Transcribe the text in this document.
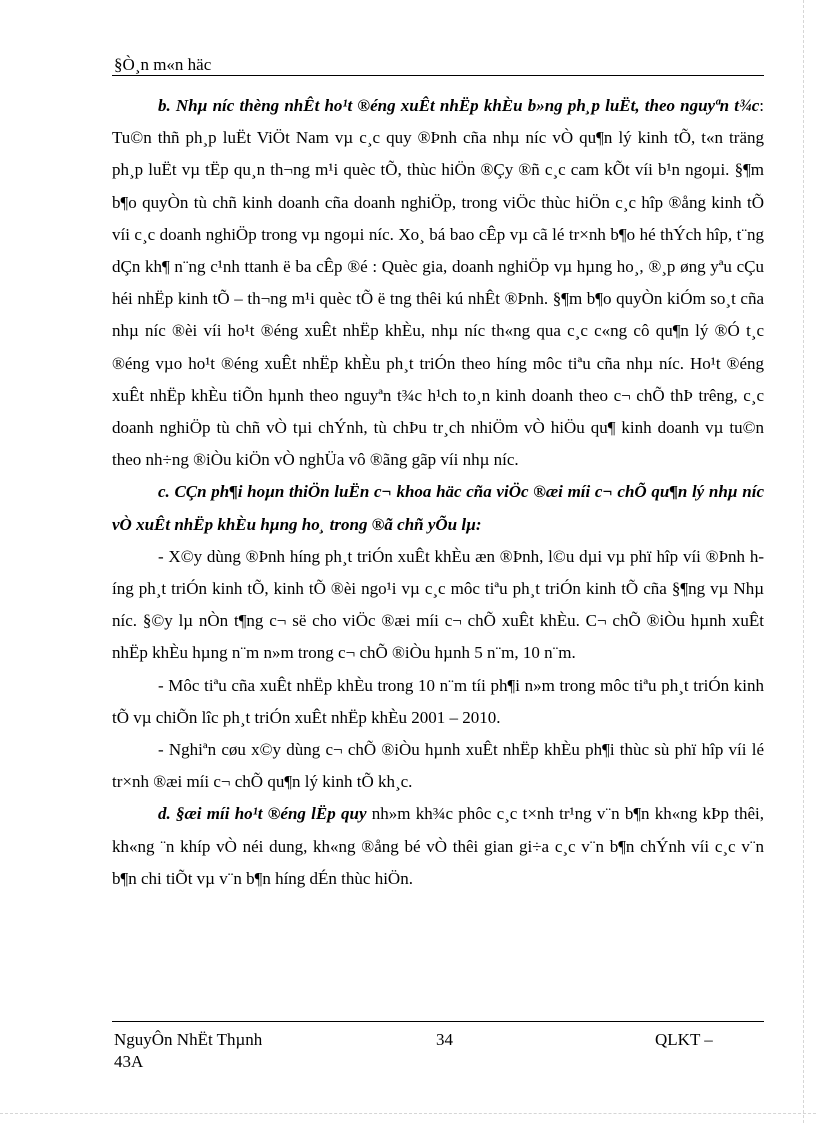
§Ò¸n m«n häc

b. Nhµ níc thèng nhÊt ho¹t ®éng xuÊt nhËp khÈu b»ng ph¸p luËt, theo nguyªn t¾c: Tu©n thñ ph¸p luËt ViÖt Nam vµ c¸c quy ®Þnh cña nhµ níc vÒ qu¶n lý kinh tÕ, t«n träng ph¸p luËt vµ tËp qu¸n th¬ng m¹i quèc tÕ, thùc hiÖn ®Çy ®ñ c¸c cam kÕt víi b¹n ngoµi. §¶m b¶o quyÒn tù chñ kinh doanh cña doanh nghiÖp, trong viÖc thùc hiÖn c¸c hîp ®ång kinh tÕ víi c¸c doanh nghiÖp trong vµ ngoµi níc. Xo¸ bá bao cÊp vµ cã lé tr×nh b¶o hé thÝch hîp, t¨ng dÇn kh¶ n¨ng c¹nh ttanh ë ba cÊp ®é : Quèc gia, doanh nghiÖp vµ hµng ho¸, ®¸p øng yªu cÇu héi nhËp kinh tÕ – th¬ng m¹i quèc tÕ ë tng thêi kú nhÊt ®Þnh. §¶m b¶o quyÒn kiÓm so¸t cña nhµ níc ®èi víi ho¹t ®éng xuÊt nhËp khÈu, nhµ níc th«ng qua c¸c c«ng cô qu¶n lý ®Ó t¸c ®éng vµo ho¹t ®éng xuÊt nhËp khÈu ph¸t triÓn theo híng môc tiªu cña nhµ níc. Ho¹t ®éng xuÊt nhËp khÈu tiÕn hµnh theo nguyªn t¾c h¹ch to¸n kinh doanh theo c¬ chÕ thÞ trêng, c¸c doanh nghiÖp tù chñ vÒ tµi chÝnh, tù chÞu tr¸ch nhiÖm vÒ hiÖu qu¶ kinh doanh vµ tu©n theo nh÷ng ®iÒu kiÖn vÒ nghÜa vô ®ãng gãp víi nhµ níc.

c. CÇn ph¶i hoµn thiÖn luËn c¬ khoa häc cña viÖc ®æi míi c¬ chÕ qu¶n lý nhµ níc vÒ xuÊt nhËp khÈu hµng ho¸ trong ®ã chñ yÕu lµ:

- X©y dùng ®Þnh híng ph¸t triÓn xuÊt khÈu æn ®Þnh, l©u dµi vµ phï hîp víi ®Þnh híng ph¸t triÓn kinh tÕ, kinh tÕ ®èi ngo¹i vµ c¸c môc tiªu ph¸t triÓn kinh tÕ cña §¶ng vµ Nhµ níc. §©y lµ nÒn t¶ng c¬ së cho viÖc ®æi míi c¬ chÕ xuÊt khÈu. C¬ chÕ ®iÒu hµnh xuÊt nhËp khÈu hµng n¨m n»m trong c¬ chÕ ®iÒu hµnh 5 n¨m, 10 n¨m.

- Môc tiªu cña xuÊt nhËp khÈu trong 10 n¨m tíi ph¶i n»m trong môc tiªu ph¸t triÓn kinh tÕ vµ chiÕn lîc ph¸t triÓn xuÊt nhËp khÈu 2001 – 2010.

- Nghiªn cøu x©y dùng c¬ chÕ ®iÒu hµnh xuÊt nhËp khÈu ph¶i thùc sù phï hîp víi lé tr×nh ®æi míi c¬ chÕ qu¶n lý kinh tÕ kh¸c.

d. §æi míi ho¹t ®éng lËp quy nh»m kh¾c phôc c¸c t×nh tr¹ng v¨n b¶n kh«ng kÞp thêi, kh«ng ¨n khíp vÒ néi dung, kh«ng ®ång bé vÒ thêi gian gi÷a c¸c v¨n b¶n chÝnh víi c¸c v¨n b¶n chi tiÕt vµ v¨n b¶n híng dÉn thùc hiÖn.

NguyÔn NhËt Thµnh
43A
34	QLKT –
